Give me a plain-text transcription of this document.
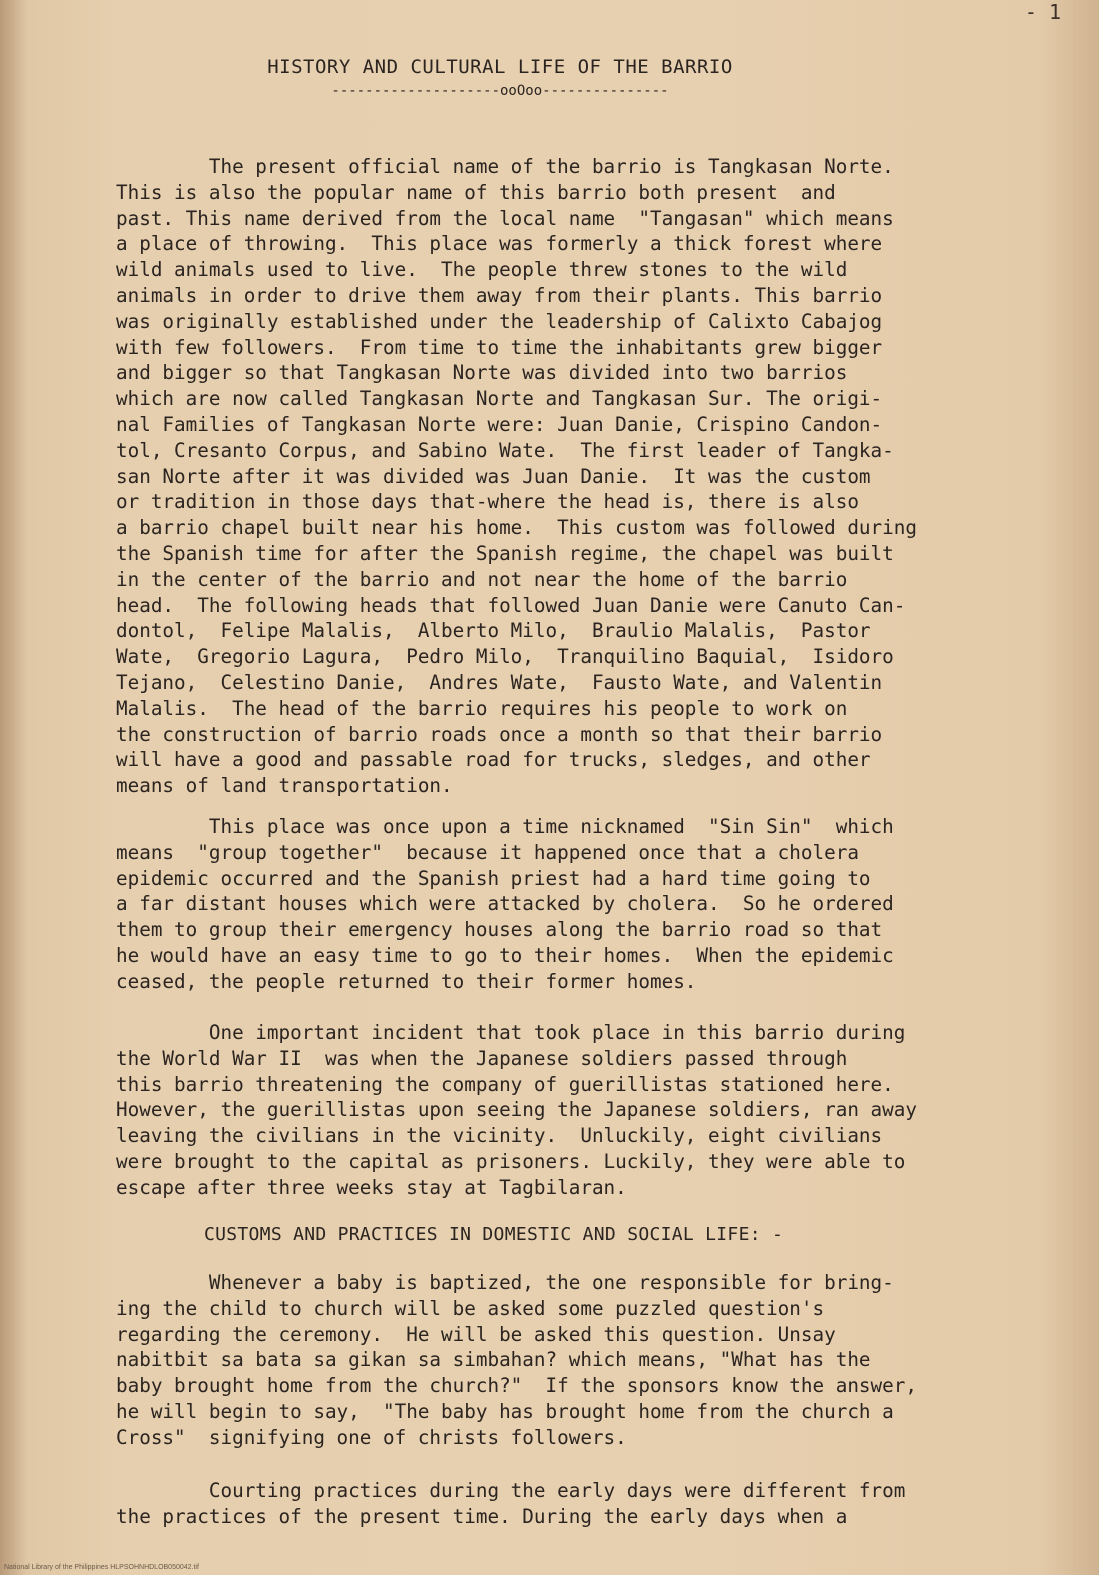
- 1
HISTORY AND CULTURAL LIFE OF THE BARRIO
--------------------ooOoo---------------
The present official name of the barrio is Tangkasan Norte.
This is also the popular name of this barrio both present  and
past. This name derived from the local name  "Tangasan" which means
a place of throwing.  This place was formerly a thick forest where
wild animals used to live.  The people threw stones to the wild
animals in order to drive them away from their plants. This barrio
was originally established under the leadership of Calixto Cabajog
with few followers.  From time to time the inhabitants grew bigger
and bigger so that Tangkasan Norte was divided into two barrios
which are now called Tangkasan Norte and Tangkasan Sur. The origi-
nal Families of Tangkasan Norte were: Juan Danie, Crispino Candon-
tol, Cresanto Corpus, and Sabino Wate.  The first leader of Tangka-
san Norte after it was divided was Juan Danie.  It was the custom
or tradition in those days that-where the head is, there is also
a barrio chapel built near his home.  This custom was followed during
the Spanish time for after the Spanish regime, the chapel was built
in the center of the barrio and not near the home of the barrio
head.  The following heads that followed Juan Danie were Canuto Can-
dontol,  Felipe Malalis,  Alberto Milo,  Braulio Malalis,  Pastor
Wate,  Gregorio Lagura,  Pedro Milo,  Tranquilino Baquial,  Isidoro
Tejano,  Celestino Danie,  Andres Wate,  Fausto Wate, and Valentin
Malalis.  The head of the barrio requires his people to work on
the construction of barrio roads once a month so that their barrio
will have a good and passable road for trucks, sledges, and other
means of land transportation.
This place was once upon a time nicknamed  "Sin Sin"  which
means  "group together"  because it happened once that a cholera
epidemic occurred and the Spanish priest had a hard time going to
a far distant houses which were attacked by cholera.  So he ordered
them to group their emergency houses along the barrio road so that
he would have an easy time to go to their homes.  When the epidemic
ceased, the people returned to their former homes.
One important incident that took place in this barrio during
the World War II  was when the Japanese soldiers passed through
this barrio threatening the company of guerillistas stationed here.
However, the guerillistas upon seeing the Japanese soldiers, ran away
leaving the civilians in the vicinity.  Unluckily, eight civilians
were brought to the capital as prisoners. Luckily, they were able to
escape after three weeks stay at Tagbilaran.
CUSTOMS AND PRACTICES IN DOMESTIC AND SOCIAL LIFE: -
Whenever a baby is baptized, the one responsible for bring-
ing the child to church will be asked some puzzled question's
regarding the ceremony.  He will be asked this question. Unsay
nabitbit sa bata sa gikan sa simbahan? which means, "What has the
baby brought home from the church?"  If the sponsors know the answer,
he will begin to say,  "The baby has brought home from the church a
Cross"  signifying one of christs followers.
Courting practices during the early days were different from
the practices of the present time. During the early days when a
National Library of the Philippines HLPSOHNHDLOB050042.tif
